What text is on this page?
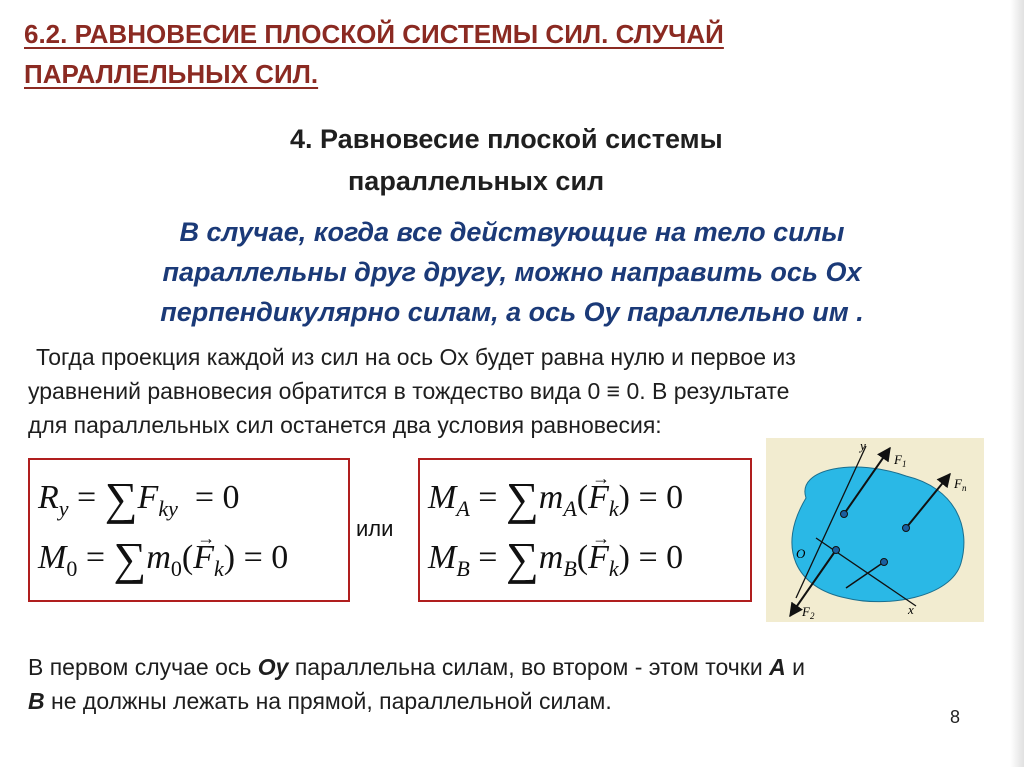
6.2. РАВНОВЕСИЕ ПЛОСКОЙ СИСТЕМЫ СИЛ. СЛУЧАЙ
ПАРАЛЛЕЛЬНЫХ СИЛ.
4. Равновесие плоской системы
параллельных сил
В случае, когда все действующие на тело силы
параллельны друг другу, можно направить ось Ох
перпендикулярно силам, а ось Оу параллельно им .
Тогда проекция каждой из сил на ось Ох будет равна нулю и первое из
уравнений равновесия обратится в тождество вида 0 ≡ 0. В результате
для параллельных сил останется два условия равновесия:
$R_y = \sum F_{ky} = 0$
$M_0 = \sum m_0(\to F_k) = 0$
или
$M_A = \sum m_A(\to F_k) = 0$
$M_B = \sum m_B(\to F_k) = 0$
y
x
O
$F_1$
$F_n$
$F_2$
В первом случае ось Оу параллельна силам, во втором - этом точки А и
В не должны лежать на прямой, параллельной силам.
8
